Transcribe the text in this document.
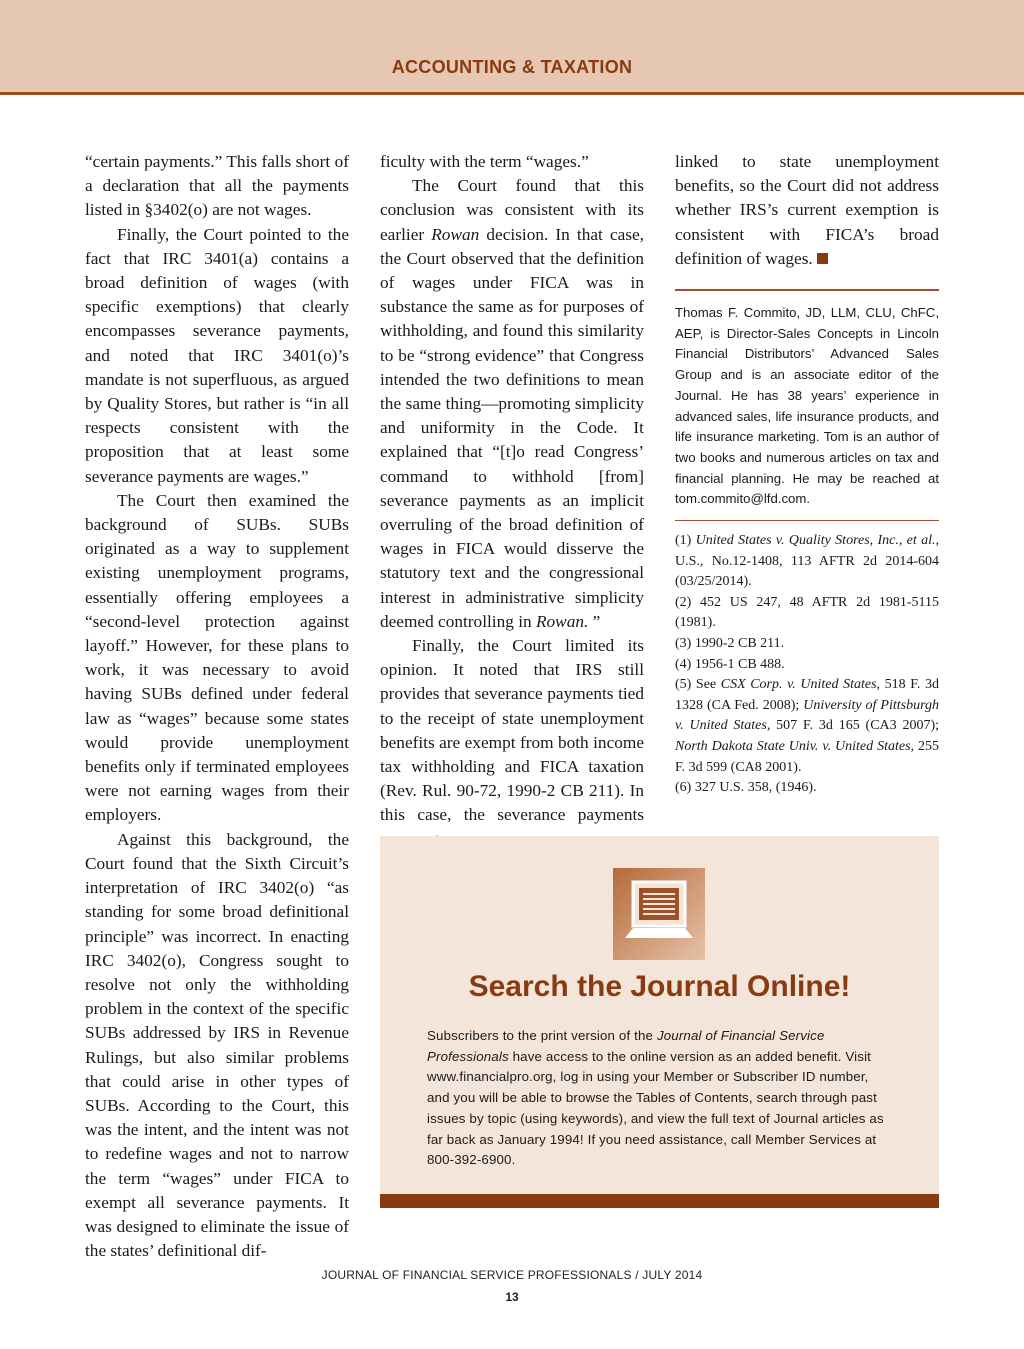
ACCOUNTING & TAXATION

“certain payments.” This falls short of a declaration that all the payments listed in §3402(o) are not wages.

Finally, the Court pointed to the fact that IRC 3401(a) contains a broad definition of wages (with specific exemptions) that clearly encompasses severance payments, and noted that IRC 3401(o)’s mandate is not superfluous, as argued by Quality Stores, but rather is “in all respects consistent with the proposition that at least some severance payments are wages.”

The Court then examined the background of SUBs. SUBs originated as a way to supplement existing unemployment programs, essentially offering employees a “second-level protection against layoff.” However, for these plans to work, it was necessary to avoid having SUBs defined under federal law as “wages” because some states would provide unemployment benefits only if terminated employees were not earning wages from their employers.

Against this background, the Court found that the Sixth Circuit’s interpretation of IRC 3402(o) “as standing for some broad definitional principle” was incorrect. In enacting IRC 3402(o), Congress sought to resolve not only the withholding problem in the context of the specific SUBs addressed by IRS in Revenue Rulings, but also similar problems that could arise in other types of SUBs. According to the Court, this was the intent, and the intent was not to redefine wages and not to narrow the term “wages” under FICA to exempt all severance payments. It was designed to eliminate the issue of the states’ definitional dif-

ficulty with the term “wages.”

The Court found that this conclusion was consistent with its earlier Rowan decision. In that case, the Court observed that the definition of wages under FICA was in substance the same as for purposes of withholding, and found this similarity to be “strong evidence” that Congress intended the two definitions to mean the same thing—promoting simplicity and uniformity in the Code. It explained that “[t]o read Congress’ command to withhold [from] severance payments as an implicit overruling of the broad definition of wages in FICA would disserve the statutory text and the congressional interest in administrative simplicity deemed controlling in Rowan. ”

Finally, the Court limited its opinion. It noted that IRS still provides that severance payments tied to the receipt of state unemployment benefits are exempt from both income tax withholding and FICA taxation (Rev. Rul. 90-72, 1990-2 CB 211). In this case, the severance payments

linked to state unemployment benefits, so the Court did not address whether IRS’s current exemption is consistent with FICA’s broad definition of wages.

Thomas F. Commito, JD, LLM, CLU, ChFC, AEP, is Director-Sales Concepts in Lincoln Financial Distributors’ Advanced Sales Group and is an associate editor of the Journal. He has 38 years’ experience in advanced sales, life insurance products, and life insurance marketing. Tom is an author of two books and numerous articles on tax and financial planning. He may be reached at tom.commito@lfd.com.

(1) United States v. Quality Stores, Inc., et al., U.S., No.12-1408, 113 AFTR 2d 2014-604 (03/25/2014).

(2) 452 US 247, 48 AFTR 2d 1981-5115 (1981).

(3) 1990-2 CB 211.

(4) 1956-1 CB 488.

(5) See CSX Corp. v. United States, 518 F. 3d 1328 (CA Fed. 2008); University of Pittsburgh v. United States, 507 F. 3d 165 (CA3 2007); North Dakota State Univ. v. United States, 255 F. 3d 599 (CA8 2001).

(6) 327 U.S. 358, (1946).

Search the Journal Online!
Subscribers to the print version of the Journal of Financial Service Professionals have access to the online version as an added benefit. Visit www.financialpro.org, log in using your Member or Subscriber ID number, and you will be able to browse the Tables of Contents, search through past issues by topic (using keywords), and view the full text of Journal articles as far back as January 1994! If you need assistance, call Member Services at 800-392-6900.
JOURNAL OF FINANCIAL SERVICE PROFESSIONALS / JULY 2014
13
